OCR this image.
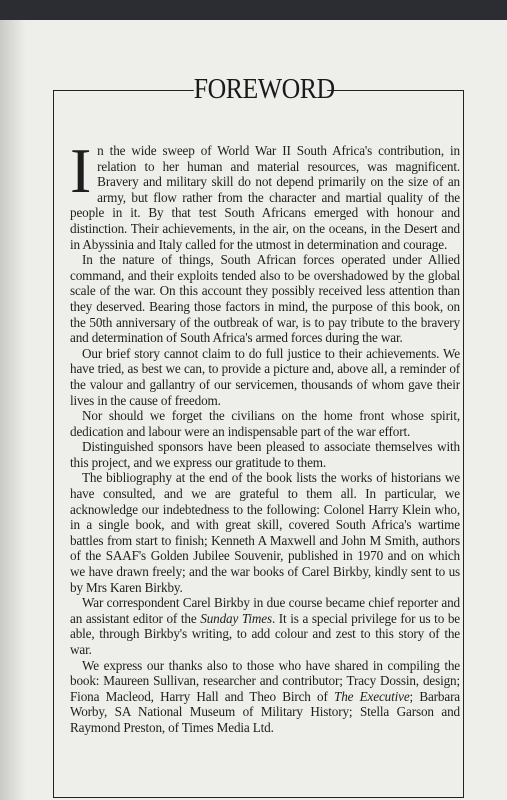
FOREWORD

In the wide sweep of World War II South Africa's contribution, in relation to her human and material resources, was magnificent. Bravery and military skill do not depend primarily on the size of an army, but flow rather from the character and martial quality of the people in it. By that test South Africans emerged with honour and distinction. Their achievements, in the air, on the oceans, in the Desert and in Abyssinia and Italy called for the utmost in determination and courage.

In the nature of things, South African forces operated under Allied command, and their exploits tended also to be overshadowed by the global scale of the war. On this account they possibly received less attention than they deserved. Bearing those factors in mind, the purpose of this book, on the 50th anniversary of the outbreak of war, is to pay tribute to the bravery and determination of South Africa's armed forces during the war.

Our brief story cannot claim to do full justice to their achievements. We have tried, as best we can, to provide a picture and, above all, a reminder of the valour and gallantry of our servicemen, thousands of whom gave their lives in the cause of freedom.

Nor should we forget the civilians on the home front whose spirit, dedication and labour were an indispensable part of the war effort.

Distinguished sponsors have been pleased to associate themselves with this project, and we express our gratitude to them.

The bibliography at the end of the book lists the works of historians we have consulted, and we are grateful to them all. In particular, we acknowledge our indebtedness to the following: Colonel Harry Klein who, in a single book, and with great skill, covered South Africa's wartime battles from start to finish; Kenneth A Maxwell and John M Smith, authors of the SAAF's Golden Jubilee Souvenir, published in 1970 and on which we have drawn freely; and the war books of Carel Birkby, kindly sent to us by Mrs Karen Birkby.

War correspondent Carel Birkby in due course became chief reporter and an assistant editor of the Sunday Times. It is a special privilege for us to be able, through Birkby's writing, to add colour and zest to this story of the war.

We express our thanks also to those who have shared in compiling the book: Maureen Sullivan, researcher and contributor; Tracy Dossin, design; Fiona Macleod, Harry Hall and Theo Birch of The Executive; Barbara Worby, SA National Museum of Military History; Stella Garson and Raymond Preston, of Times Media Ltd.
